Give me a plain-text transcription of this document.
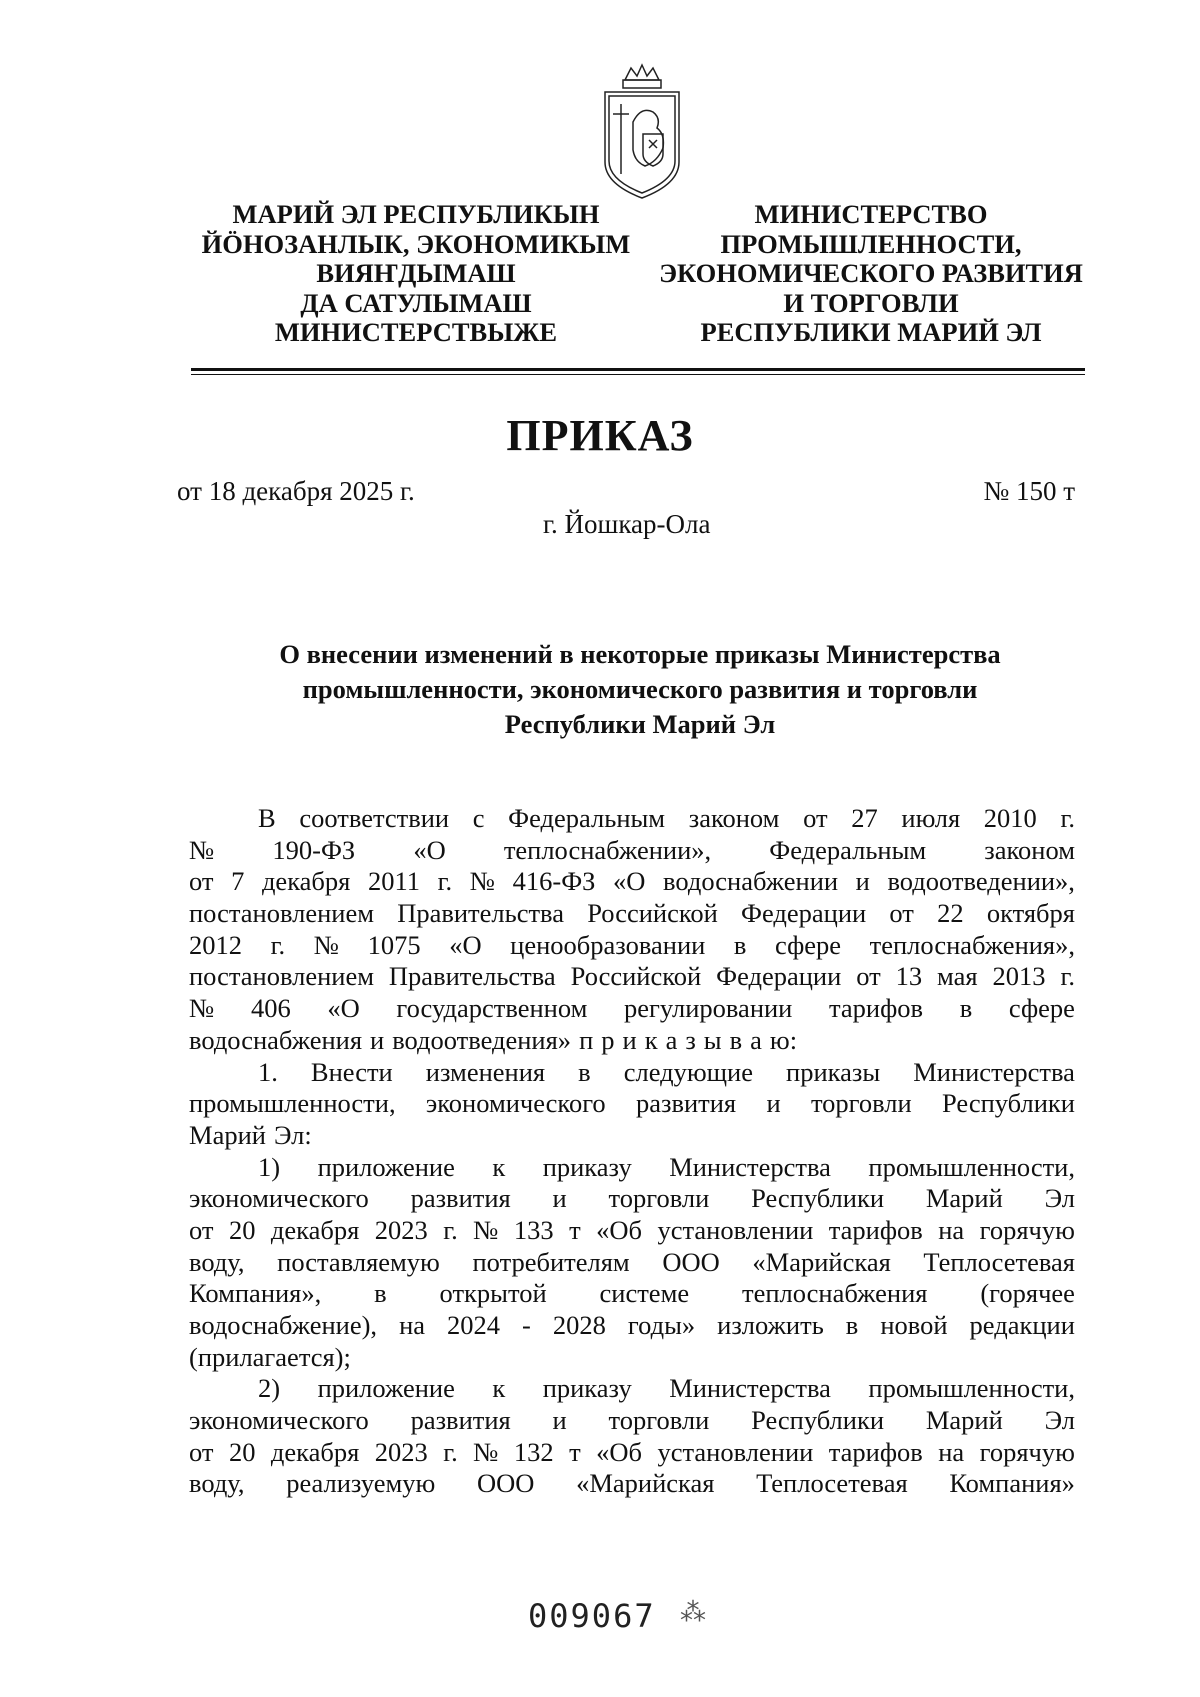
МАРИЙ ЭЛ РЕСПУБЛИКЫН
ЙӦНОЗАНЛЫК, ЭКОНОМИКЫМ
ВИЯҤДЫМАШ
ДА САТУЛЫМАШ
МИНИСТЕРСТВЫЖЕ
МИНИСТЕРСТВО
ПРОМЫШЛЕННОСТИ,
ЭКОНОМИЧЕСКОГО РАЗВИТИЯ
И ТОРГОВЛИ
РЕСПУБЛИКИ МАРИЙ ЭЛ
ПРИКАЗ
от 18 декабря 2025 г.	№ 150 т
г. Йошкар-Ола
О внесении изменений в некоторые приказы Министерства
промышленности, экономического развития и торговли
Республики Марий Эл
В соответствии с Федеральным законом от 27 июля 2010 г.
№ 190-ФЗ «О теплоснабжении», Федеральным законом
от 7 декабря 2011 г. № 416-ФЗ «О водоснабжении и водоотведении»,
постановлением Правительства Российской Федерации от 22 октября
2012 г. № 1075 «О ценообразовании в сфере теплоснабжения»,
постановлением Правительства Российской Федерации от 13 мая 2013 г.
№ 406 «О государственном регулировании тарифов в сфере
водоснабжения и водоотведения» п р и к а з ы в а ю:
1. Внести изменения в следующие приказы Министерства
промышленности, экономического развития и торговли Республики
Марий Эл:
1) приложение к приказу Министерства промышленности,
экономического развития и торговли Республики Марий Эл
от 20 декабря 2023 г. № 133 т «Об установлении тарифов на горячую
воду, поставляемую потребителям ООО «Марийская Теплосетевая
Компания», в открытой системе теплоснабжения (горячее
водоснабжение), на 2024 - 2028 годы» изложить в новой редакции
(прилагается);
2) приложение к приказу Министерства промышленности,
экономического развития и торговли Республики Марий Эл
от 20 декабря 2023 г. № 132 т «Об установлении тарифов на горячую
воду, реализуемую ООО «Марийская Теплосетевая Компания»
009067 ⁂
